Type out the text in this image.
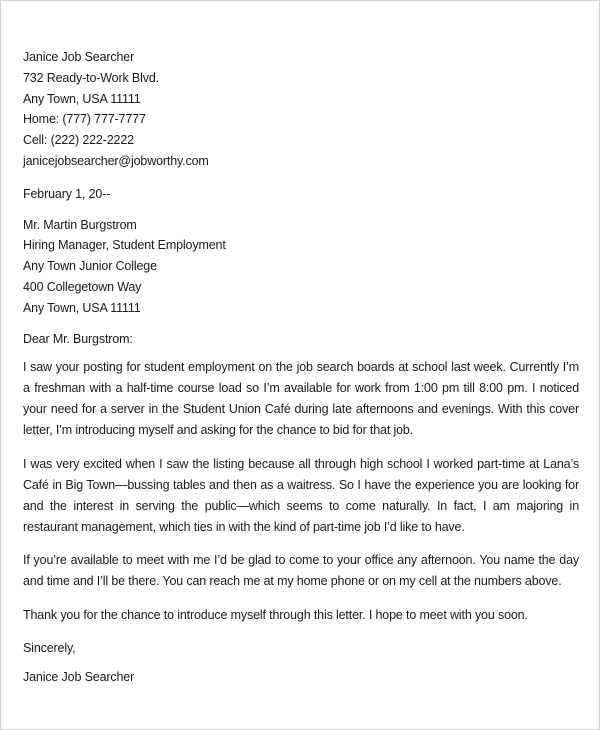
Janice Job Searcher
732 Ready-to-Work Blvd.
Any Town, USA 11111
Home: (777) 777-7777
Cell: (222) 222-2222
janicejobsearcher@jobworthy.com
February 1, 20--
Mr. Martin Burgstrom
Hiring Manager, Student Employment
Any Town Junior College
400 Collegetown Way
Any Town, USA 11111
Dear Mr. Burgstrom:

I saw your posting for student employment on the job search boards at school last week. Currently I’m a freshman with a half-time course load so I’m available for work from 1:00 pm till 8:00 pm. I noticed your need for a server in the Student Union Café during late afternoons and evenings. With this cover letter, I’m introducing myself and asking for the chance to bid for that job.

I was very excited when I saw the listing because all through high school I worked part-time at Lana’s Café in Big Town—bussing tables and then as a waitress. So I have the experience you are looking for and the interest in serving the public—which seems to come naturally. In fact, I am majoring in restaurant management, which ties in with the kind of part-time job I’d like to have.

If you’re available to meet with me I’d be glad to come to your office any afternoon. You name the day and time and I’ll be there. You can reach me at my home phone or on my cell at the numbers above.

Thank you for the chance to introduce myself through this letter. I hope to meet with you soon.

Sincerely,
Janice Job Searcher
